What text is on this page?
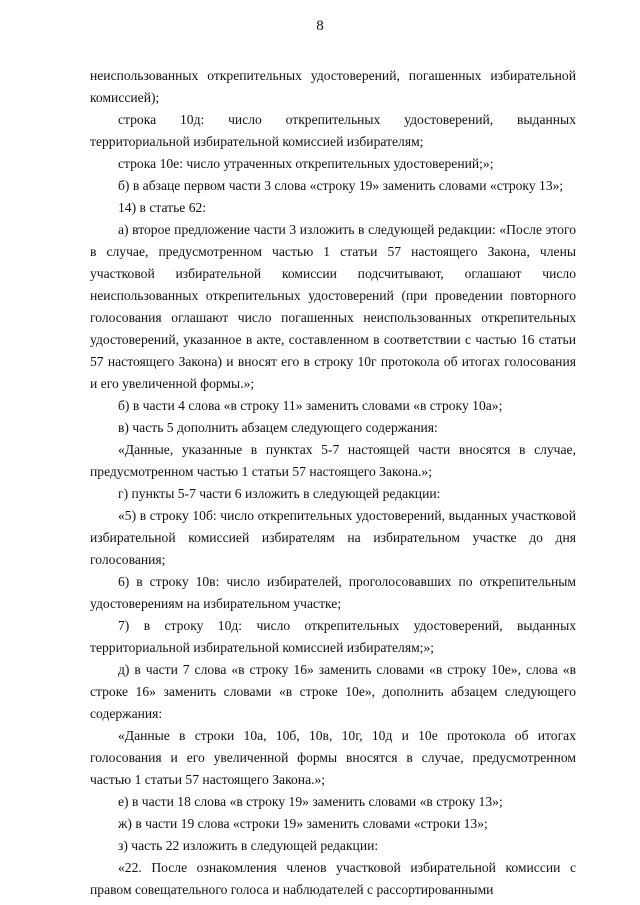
8

неиспользованных открепительных удостоверений, погашенных избирательной комиссией);

строка 10д: число открепительных удостоверений, выданных территориальной избирательной комиссией избирателям;

строка 10е: число утраченных открепительных удостоверений;»;

б) в абзаце первом части 3 слова «строку 19» заменить словами «строку 13»;

14) в статье 62:

а) второе предложение части 3 изложить в следующей редакции: «После этого в случае, предусмотренном частью 1 статьи 57 настоящего Закона, члены участковой избирательной комиссии подсчитывают, оглашают число неиспользованных открепительных удостоверений (при проведении повторного голосования оглашают число погашенных неиспользованных открепительных удостоверений, указанное в акте, составленном в соответствии с частью 16 статьи 57 настоящего Закона) и вносят его в строку 10г протокола об итогах голосования и его увеличенной формы.»;

б) в части 4 слова «в строку 11» заменить словами «в строку 10а»;

в) часть 5 дополнить абзацем следующего содержания:

«Данные, указанные в пунктах 5-7 настоящей части вносятся в случае, предусмотренном частью 1 статьи 57 настоящего Закона.»;

г) пункты 5-7 части 6 изложить в следующей редакции:

«5) в строку 10б: число открепительных удостоверений, выданных участковой избирательной комиссией избирателям на избирательном участке до дня голосования;

6) в строку 10в: число избирателей, проголосовавших по открепительным удостоверениям на избирательном участке;

7) в строку 10д: число открепительных удостоверений, выданных территориальной избирательной комиссией избирателям;»;

д) в части 7 слова «в строку 16» заменить словами «в строку 10е», слова «в строке 16» заменить словами «в строке 10е», дополнить абзацем следующего содержания:

«Данные в строки 10а, 10б, 10в, 10г, 10д и 10е протокола об итогах голосования и его увеличенной формы вносятся в случае, предусмотренном частью 1 статьи 57 настоящего Закона.»;

е) в части 18 слова «в строку 19» заменить словами «в строку 13»;

ж) в части 19 слова «строки 19» заменить словами «строки 13»;

з) часть 22 изложить в следующей редакции:

«22. После ознакомления членов участковой избирательной комиссии с правом совещательного голоса и наблюдателей с рассортированными
